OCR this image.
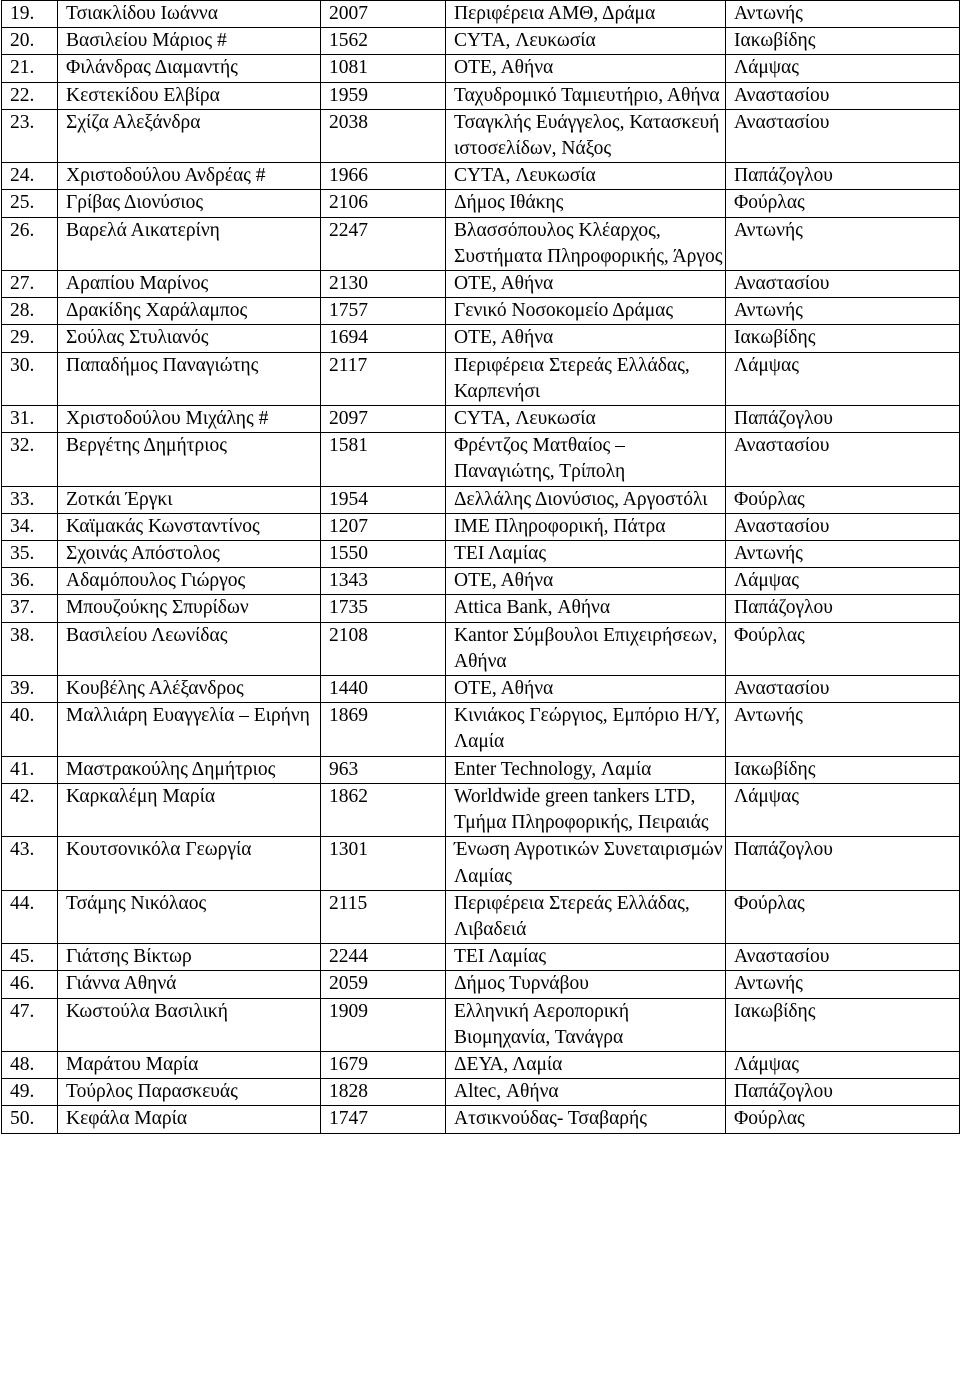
19.	Τσιακλίδου Ιωάννα	2007	Περιφέρεια ΑΜΘ, Δράμα	Αντωνής
20.	Βασιλείου Μάριος #	1562	CYTA, Λευκωσία	Ιακωβίδης
21.	Φιλάνδρας Διαμαντής	1081	ΟΤΕ, Αθήνα	Λάμψας
22.	Κεστεκίδου Ελβίρα	1959	Ταχυδρομικό Ταμιευτήριο, Αθήνα	Αναστασίου
23.	Σχίζα Αλεξάνδρα	2038	Τσαγκλής Ευάγγελος, Κατασκευή ιστοσελίδων, Νάξος	Αναστασίου
24.	Χριστοδούλου Ανδρέας #	1966	CYTA, Λευκωσία	Παπάζογλου
25.	Γρίβας Διονύσιος	2106	Δήμος Ιθάκης	Φούρλας
26.	Βαρελά Αικατερίνη	2247	Βλασσόπουλος Κλέαρχος, Συστήματα Πληροφορικής, Άργος	Αντωνής
27.	Αραπίου Μαρίνος	2130	ΟΤΕ, Αθήνα	Αναστασίου
28.	Δρακίδης Χαράλαμπος	1757	Γενικό Νοσοκομείο Δράμας	Αντωνής
29.	Σούλας Στυλιανός	1694	ΟΤΕ, Αθήνα	Ιακωβίδης
30.	Παπαδήμος Παναγιώτης	2117	Περιφέρεια Στερεάς Ελλάδας, Καρπενήσι	Λάμψας
31.	Χριστοδούλου Μιχάλης #	2097	CYTA, Λευκωσία	Παπάζογλου
32.	Βεργέτης Δημήτριος	1581	Φρέντζος Ματθαίος – Παναγιώτης, Τρίπολη	Αναστασίου
33.	Ζοτκάι Έργκι	1954	Δελλάλης Διονύσιος, Αργοστόλι	Φούρλας
34.	Καϊμακάς Κωνσταντίνος	1207	IME Πληροφορική, Πάτρα	Αναστασίου
35.	Σχοινάς Απόστολος	1550	ΤΕΙ Λαμίας	Αντωνής
36.	Αδαμόπουλος Γιώργος	1343	ΟΤΕ, Αθήνα	Λάμψας
37.	Μπουζούκης Σπυρίδων	1735	Attica Bank, Αθήνα	Παπάζογλου
38.	Βασιλείου Λεωνίδας	2108	Kantor Σύμβουλοι Επιχειρήσεων, Αθήνα	Φούρλας
39.	Κουβέλης Αλέξανδρος	1440	ΟΤΕ, Αθήνα	Αναστασίου
40.	Μαλλιάρη Ευαγγελία – Ειρήνη	1869	Κινιάκος Γεώργιος, Εμπόριο Η/Υ, Λαμία	Αντωνής
41.	Μαστρακούλης Δημήτριος	963	Enter Technology, Λαμία	Ιακωβίδης
42.	Καρκαλέμη Μαρία	1862	Worldwide green tankers LTD, Τμήμα Πληροφορικής, Πειραιάς	Λάμψας
43.	Κουτσονικόλα Γεωργία	1301	Ένωση Αγροτικών Συνεταιρισμών Λαμίας	Παπάζογλου
44.	Τσάμης Νικόλαος	2115	Περιφέρεια Στερεάς Ελλάδας, Λιβαδειά	Φούρλας
45.	Γιάτσης Βίκτωρ	2244	ΤΕΙ Λαμίας	Αναστασίου
46.	Γιάννα Αθηνά	2059	Δήμος Τυρνάβου	Αντωνής
47.	Κωστούλα Βασιλική	1909	Ελληνική Αεροπορική Βιομηχανία, Τανάγρα	Ιακωβίδης
48.	Μαράτου Μαρία	1679	ΔΕΥΑ, Λαμία	Λάμψας
49.	Τούρλος Παρασκευάς	1828	Altec, Αθήνα	Παπάζογλου
50.	Κεφάλα Μαρία	1747	Ατσικνούδας- Τσαβαρής	Φούρλας
